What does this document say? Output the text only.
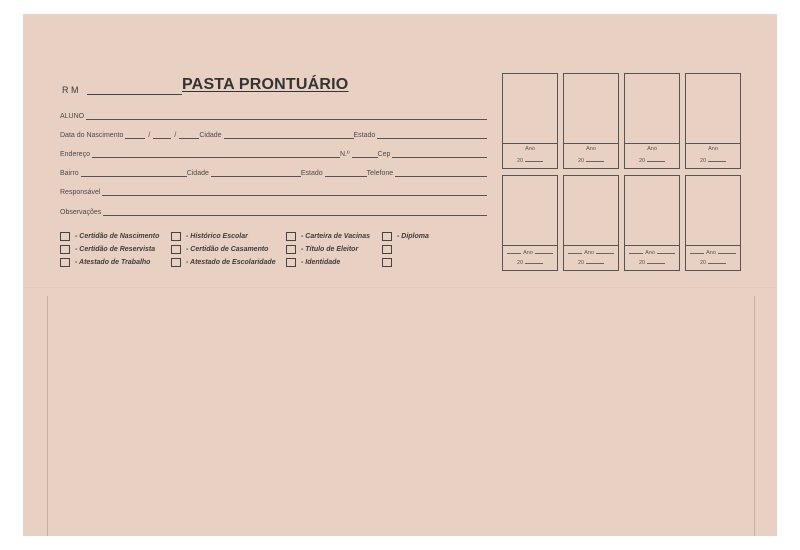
R M	PASTA PRONTUÁRIO
ALUNO
Data do Nascimento	/	/	Cidade	Estado
Endereço	N.º	Cep
Bairro	Cidade	Estado	Telefone
Responsável
Observações
- Certidão de Nascimento	- Histórico Escolar	- Carteira de Vacinas	- Diploma
- Certidão de Reservista	- Certidão de Casamento	- Título de Eleitor
- Atestado de Trabalho	- Atestado de Escolaridade	- Identidade
Ano
20
Ano
20
Ano
20
Ano
20
Ano
20
Ano
20
Ano
20
Ano
20
